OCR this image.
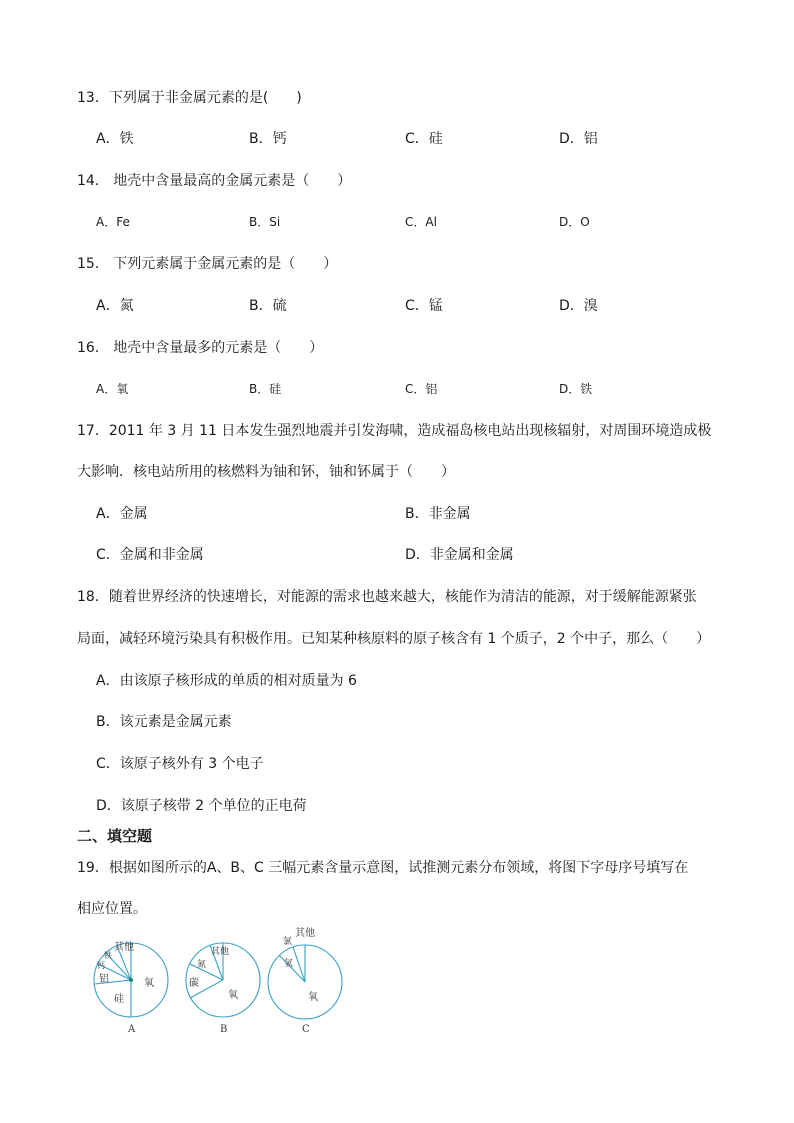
13．下列属于非金属元素的是(　　)
A．铁	B．钙	C．硅	D．铝
14． 地壳中含量最高的金属元素是（　　）
A．Fe	B．Si	C．Al	D．O
15． 下列元素属于金属元素的是（　　）
A．氮	B．硫	C．锰	D．溴
16． 地壳中含量最多的元素是（　　）
A．氧	B．硅	C．铝	D．铁
17．2011 年 3 月 11 日本发生强烈地震并引发海啸，造成福岛核电站出现核辐射，对周围环境造成极
大影响．核电站所用的核燃料为铀和钚，铀和钚属于（　　）
A．金属	B．非金属
C．金属和非金属	D．非金属和金属
18．随着世界经济的快速增长，对能源的需求也越来越大，核能作为清洁的能源，对于缓解能源紧张
局面，减轻环境污染具有积极作用。已知某种核原料的原子核含有 1 个质子，2 个中子，那么（　　）
A．由该原子核形成的单质的相对质量为 6
B．该元素是金属元素
C．该原子核外有 3 个电子
D．该原子核带 2 个单位的正电荷
二、填空题
19．根据如图所示的A、B、C 三幅元素含量示意图，试推测元素分布领域，将图下字母序号填写在
相应位置。
其他
铁
钙
铝
硅
氧
A
其他
氮
碳
氧
B
其他
氯
氢
氧
C
